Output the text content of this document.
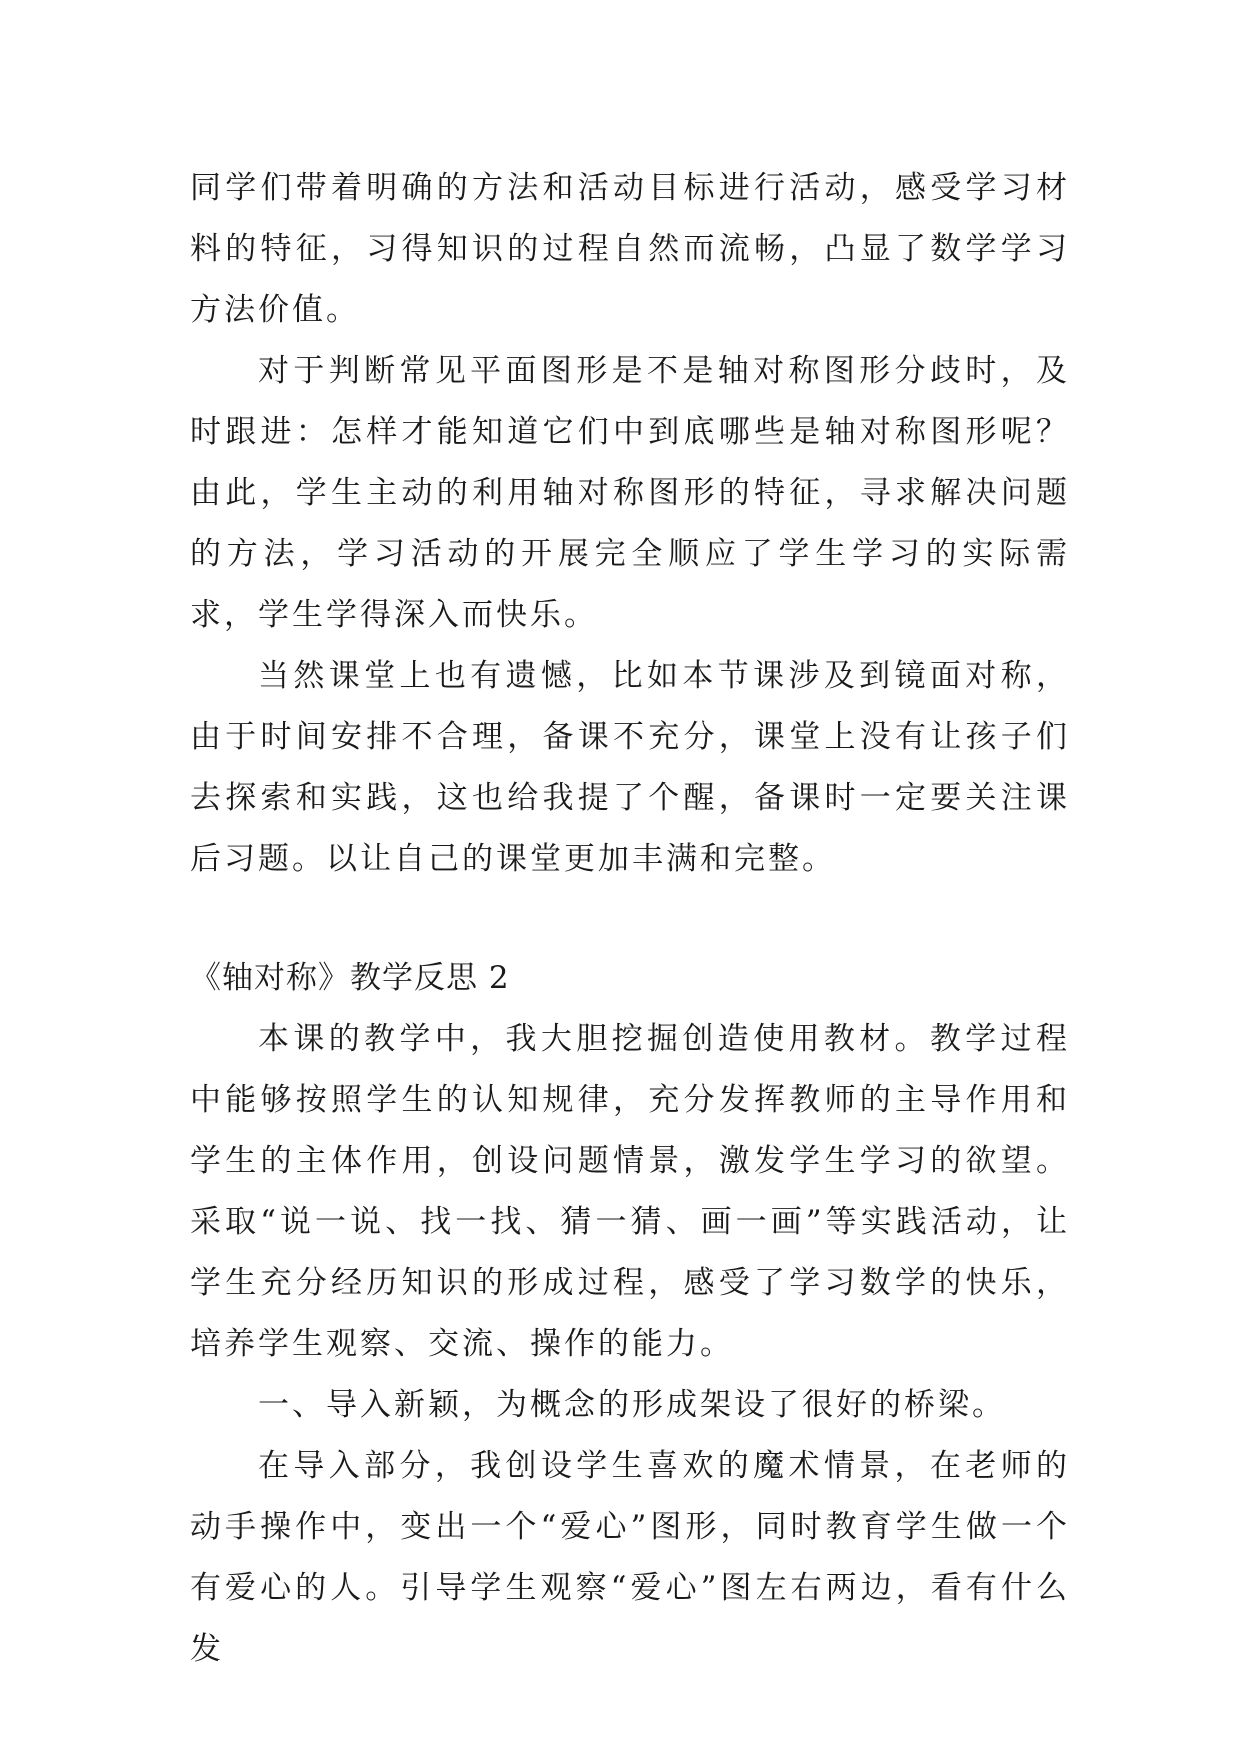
同学们带着明确的方法和活动目标进行活动，感受学习材料的特征，习得知识的过程自然而流畅，凸显了数学学习方法价值。

对于判断常见平面图形是不是轴对称图形分歧时，及时跟进：怎样才能知道它们中到底哪些是轴对称图形呢？由此，学生主动的利用轴对称图形的特征，寻求解决问题的方法，学习活动的开展完全顺应了学生学习的实际需求，学生学得深入而快乐。

当然课堂上也有遗憾，比如本节课涉及到镜面对称，由于时间安排不合理，备课不充分，课堂上没有让孩子们去探索和实践，这也给我提了个醒，备课时一定要关注课后习题。以让自己的课堂更加丰满和完整。

《轴对称》教学反思 2

本课的教学中，我大胆挖掘创造使用教材。教学过程中能够按照学生的认知规律，充分发挥教师的主导作用和学生的主体作用，创设问题情景，激发学生学习的欲望。采取“说一说、找一找、猜一猜、画一画”等实践活动，让学生充分经历知识的形成过程，感受了学习数学的快乐，培养学生观察、交流、操作的能力。

一、导入新颖，为概念的形成架设了很好的桥梁。

在导入部分，我创设学生喜欢的魔术情景，在老师的动手操作中，变出一个“爱心”图形，同时教育学生做一个有爱心的人。引导学生观察“爱心”图左右两边，看有什么发
